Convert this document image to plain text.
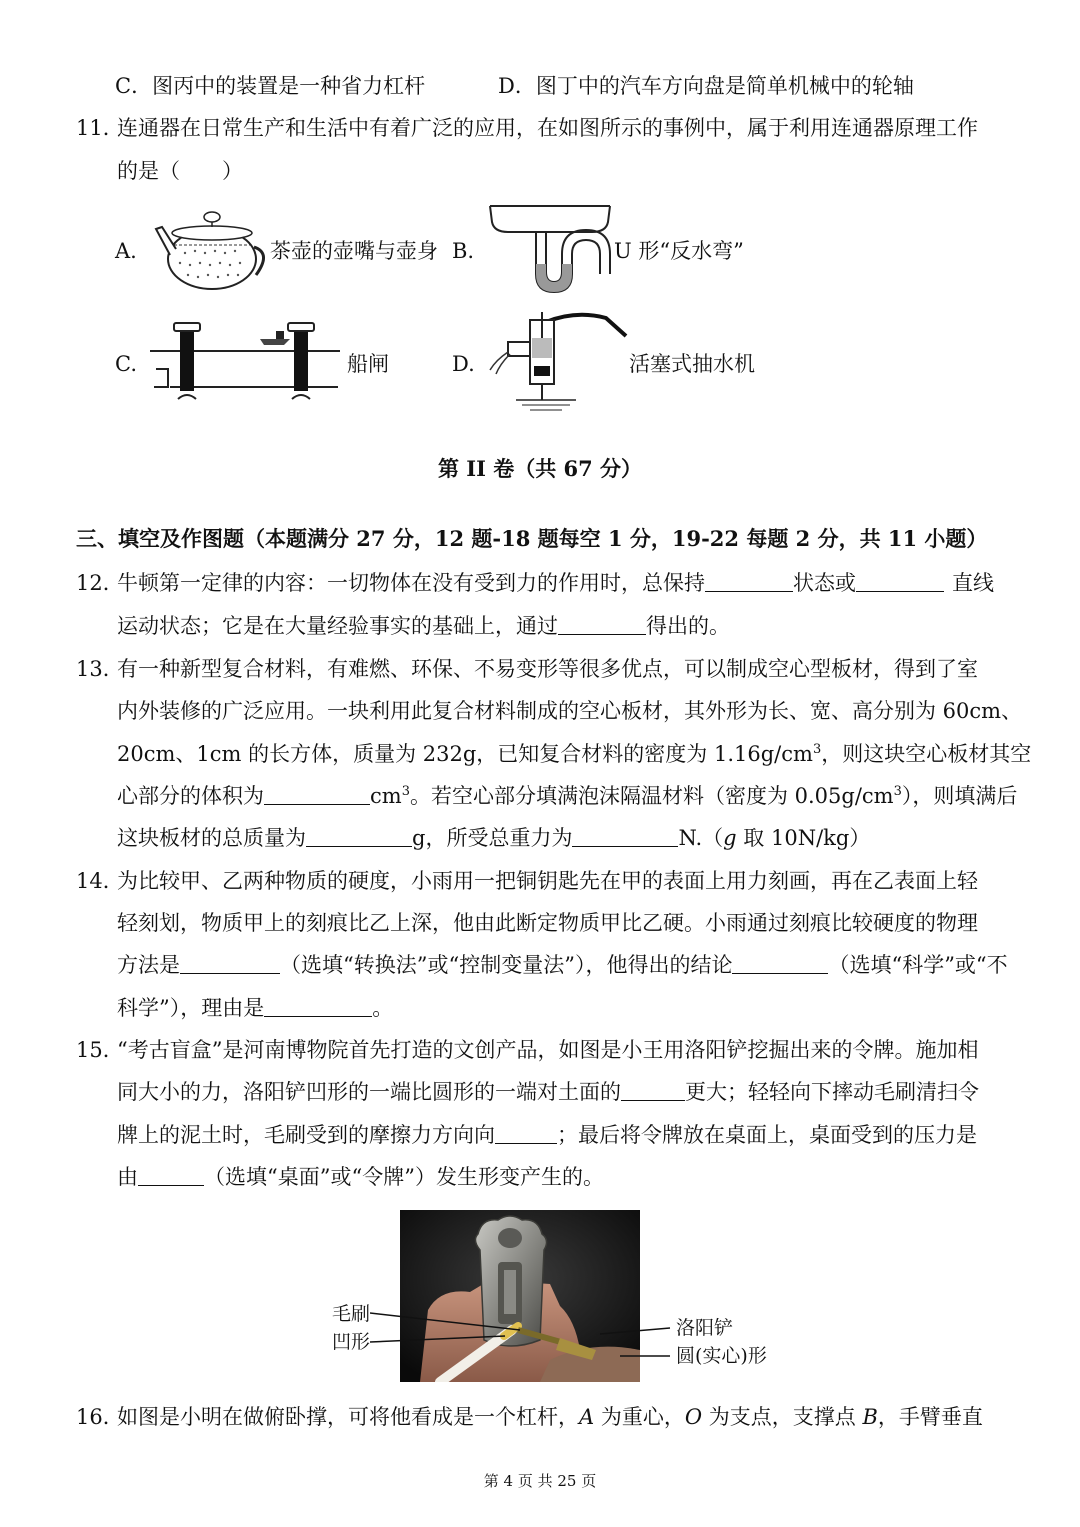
C．图丙中的装置是一种省力杠杆	D．图丁中的汽车方向盘是简单机械中的轮轴
11．
连通器在日常生产和生活中有着广泛的应用，在如图所示的事例中，属于利用连通器原理工作
的是（　　）
A.	茶壶的壶嘴与壶身 B.	U 形“反水弯”
C.	船闸	D.	活塞式抽水机
第 II 卷（共 67 分）
三、填空及作图题（本题满分 27 分，12 题-18 题每空 1 分，19-22 每题 2 分，共 11 小题）
12．
牛顿第一定律的内容：一切物体在没有受到力的作用时，总保持	状态或	直线
运动状态；它是在大量经验事实的基础上，通过	得出的。
13．
有一种新型复合材料，有难燃、环保、不易变形等很多优点，可以制成空心型板材，得到了室
内外装修的广泛应用。一块利用此复合材料制成的空心板材，其外形为长、宽、高分别为 60cm、
20cm、1cm 的长方体，质量为 232g，已知复合材料的密度为 $1.16g/cm^3$，则这块空心板材其空
心部分的体积为	$cm^3$。若空心部分填满泡沫隔温材料（密度为 $0.05g/cm^3$），则填满后
这块板材的总质量为	g，所受总重力为	N.（g 取 10N/kg）
14．
为比较甲、乙两种物质的硬度，小雨用一把铜钥匙先在甲的表面上用力刻画，再在乙表面上轻
轻刻划，物质甲上的刻痕比乙上深，他由此断定物质甲比乙硬。小雨通过刻痕比较硬度的物理
方法是	（选填“转换法”或“控制变量法”），他得出的结论	（选填“科学”或“不
科学”），理由是	。
15．
“考古盲盒”是河南博物院首先打造的文创产品，如图是小王用洛阳铲挖掘出来的令牌。施加相
同大小的力，洛阳铲凹形的一端比圆形的一端对土面的	更大；轻轻向下摔动毛刷清扫令
牌上的泥土时，毛刷受到的摩擦力方向向	；最后将令牌放在桌面上，桌面受到的压力是
由	（选填“桌面”或“令牌”）发生形变产生的。
毛刷
凹形
洛阳铲
圆(实心)形
16．
如图是小明在做俯卧撑，可将他看成是一个杠杆，A 为重心，O 为支点，支撑点 B，手臂垂直
第 4 页 共 25 页
